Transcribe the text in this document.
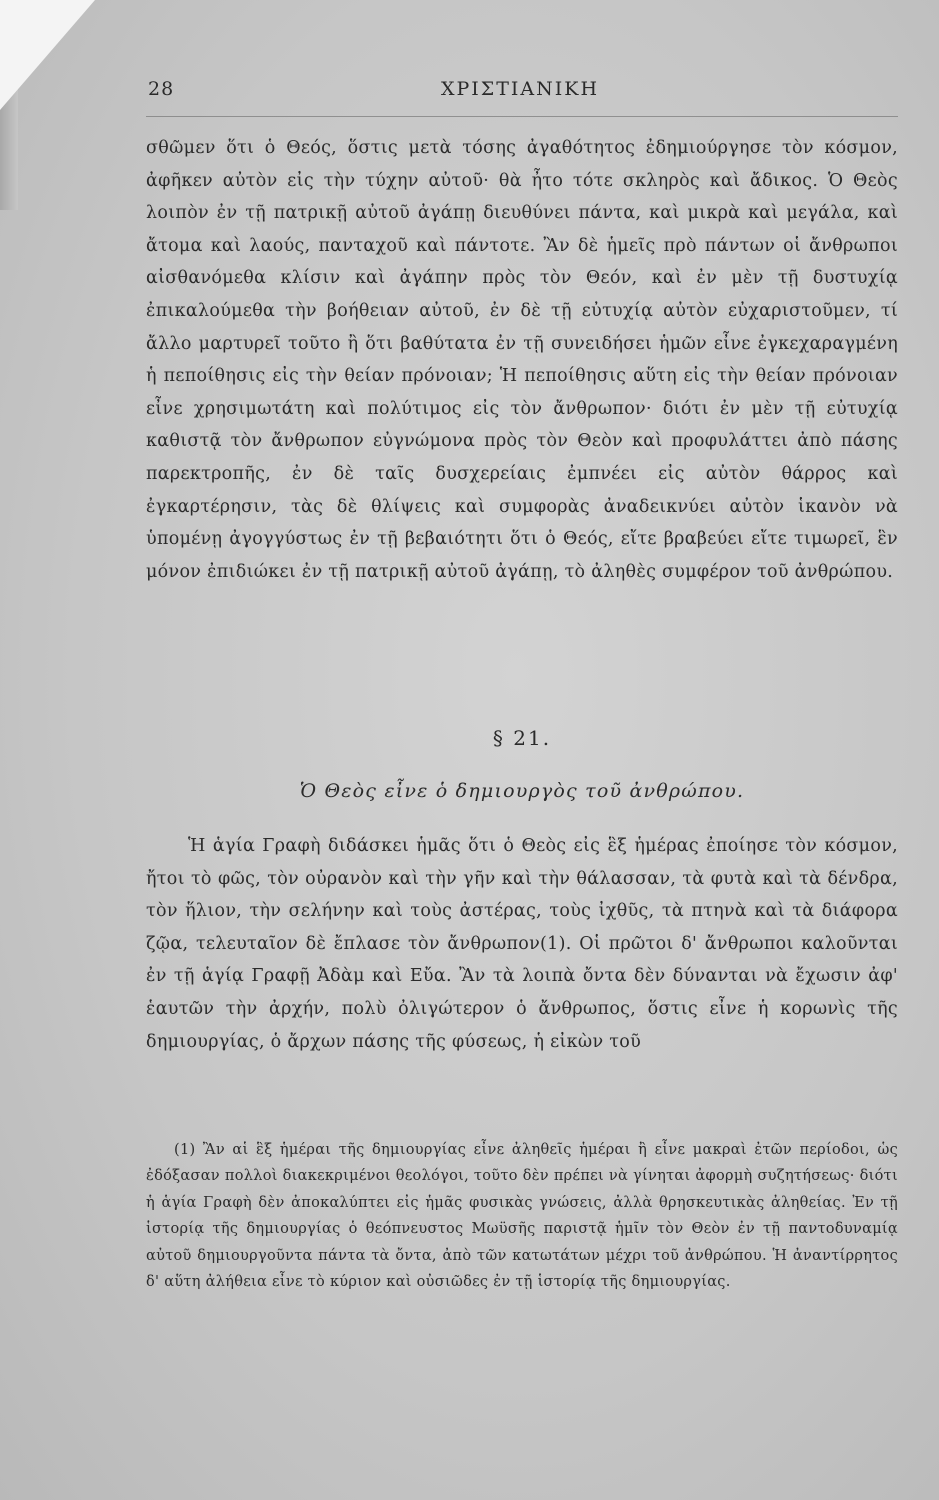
28	ΧΡΙΣΤΙΑΝΙΚΗ

σθῶμεν ὅτι ὁ Θεός, ὅστις μετὰ τόσης ἀγαθότητος ἐδημιούργησε τὸν κόσμον, ἀφῆκεν αὐτὸν εἰς τὴν τύχην αὐτοῦ· θὰ ἦτο τότε σκληρὸς καὶ ἄδικος. Ὁ Θεὸς λοιπὸν ἐν τῇ πατρικῇ αὐτοῦ ἀγάπῃ διευθύνει πάντα, καὶ μικρὰ καὶ μεγάλα, καὶ ἄτομα καὶ λαούς, πανταχοῦ καὶ πάντοτε. Ἂν δὲ ἡμεῖς πρὸ πάντων οἱ ἄνθρωποι αἰσθανόμεθα κλίσιν καὶ ἀγάπην πρὸς τὸν Θεόν, καὶ ἐν μὲν τῇ δυστυχίᾳ ἐπικαλούμεθα τὴν βοήθειαν αὐτοῦ, ἐν δὲ τῇ εὐτυχίᾳ αὐτὸν εὐχαριστοῦμεν, τί ἄλλο μαρτυρεῖ τοῦτο ἢ ὅτι βαθύτατα ἐν τῇ συνειδήσει ἡμῶν εἶνε ἐγκεχαραγμένη ἡ πεποίθησις εἰς τὴν θείαν πρόνοιαν; Ἡ πεποίθησις αὕτη εἰς τὴν θείαν πρόνοιαν εἶνε χρησιμωτάτη καὶ πολύτιμος εἰς τὸν ἄνθρωπον· διότι ἐν μὲν τῇ εὐτυχίᾳ καθιστᾷ τὸν ἄνθρωπον εὐγνώμονα πρὸς τὸν Θεὸν καὶ προφυλάττει ἀπὸ πάσης παρεκτροπῆς, ἐν δὲ ταῖς δυσχερείαις ἐμπνέει εἰς αὐτὸν θάρρος καὶ ἐγκαρτέρησιν, τὰς δὲ θλίψεις καὶ συμφορὰς ἀναδεικνύει αὐτὸν ἱκανὸν νὰ ὑπομένῃ ἀγογγύστως ἐν τῇ βεβαιότητι ὅτι ὁ Θεός, εἴτε βραβεύει εἴτε τιμωρεῖ, ἓν μόνον ἐπιδιώκει ἐν τῇ πατρικῇ αὐτοῦ ἀγάπῃ, τὸ ἀληθὲς συμφέρον τοῦ ἀνθρώπου.

§ 21.
Ὁ Θεὸς εἶνε ὁ δημιουργὸς τοῦ ἀνθρώπου.

Ἡ ἁγία Γραφὴ διδάσκει ἡμᾶς ὅτι ὁ Θεὸς εἰς ἓξ ἡμέρας ἐποίησε τὸν κόσμον, ἤτοι τὸ φῶς, τὸν οὐρανὸν καὶ τὴν γῆν καὶ τὴν θάλασσαν, τὰ φυτὰ καὶ τὰ δένδρα, τὸν ἥλιον, τὴν σελήνην καὶ τοὺς ἀστέρας, τοὺς ἰχθῦς, τὰ πτηνὰ καὶ τὰ διάφορα ζῷα, τελευταῖον δὲ ἔπλασε τὸν ἄνθρωπον(1). Οἱ πρῶτοι δ' ἄνθρωποι καλοῦνται ἐν τῇ ἁγίᾳ Γραφῇ Ἀδὰμ καὶ Εὔα. Ἂν τὰ λοιπὰ ὄντα δὲν δύνανται νὰ ἔχωσιν ἀφ' ἑαυτῶν τὴν ἀρχήν, πολὺ ὀλιγώτερον ὁ ἄνθρωπος, ὅστις εἶνε ἡ κορωνὶς τῆς δημιουργίας, ὁ ἄρχων πάσης τῆς φύσεως, ἡ εἰκὼν τοῦ

(1) Ἂν αἱ ἓξ ἡμέραι τῆς δημιουργίας εἶνε ἀληθεῖς ἡμέραι ἢ εἶνε μακραὶ ἐτῶν περίοδοι, ὡς ἐδόξασαν πολλοὶ διακεκριμένοι θεολόγοι, τοῦτο δὲν πρέπει νὰ γίνηται ἀφορμὴ συζητήσεως· διότι ἡ ἁγία Γραφὴ δὲν ἀποκαλύπτει εἰς ἡμᾶς φυσικὰς γνώσεις, ἀλλὰ θρησκευτικὰς ἀληθείας. Ἐν τῇ ἱστορίᾳ τῆς δημιουργίας ὁ θεόπνευστος Μωϋσῆς παριστᾷ ἡμῖν τὸν Θεὸν ἐν τῇ παντοδυναμίᾳ αὐτοῦ δημιουργοῦντα πάντα τὰ ὄντα, ἀπὸ τῶν κατωτάτων μέχρι τοῦ ἀνθρώπου. Ἡ ἀναντίρρητος δ' αὕτη ἀλήθεια εἶνε τὸ κύριον καὶ οὐσιῶδες ἐν τῇ ἱστορίᾳ τῆς δημιουργίας.
